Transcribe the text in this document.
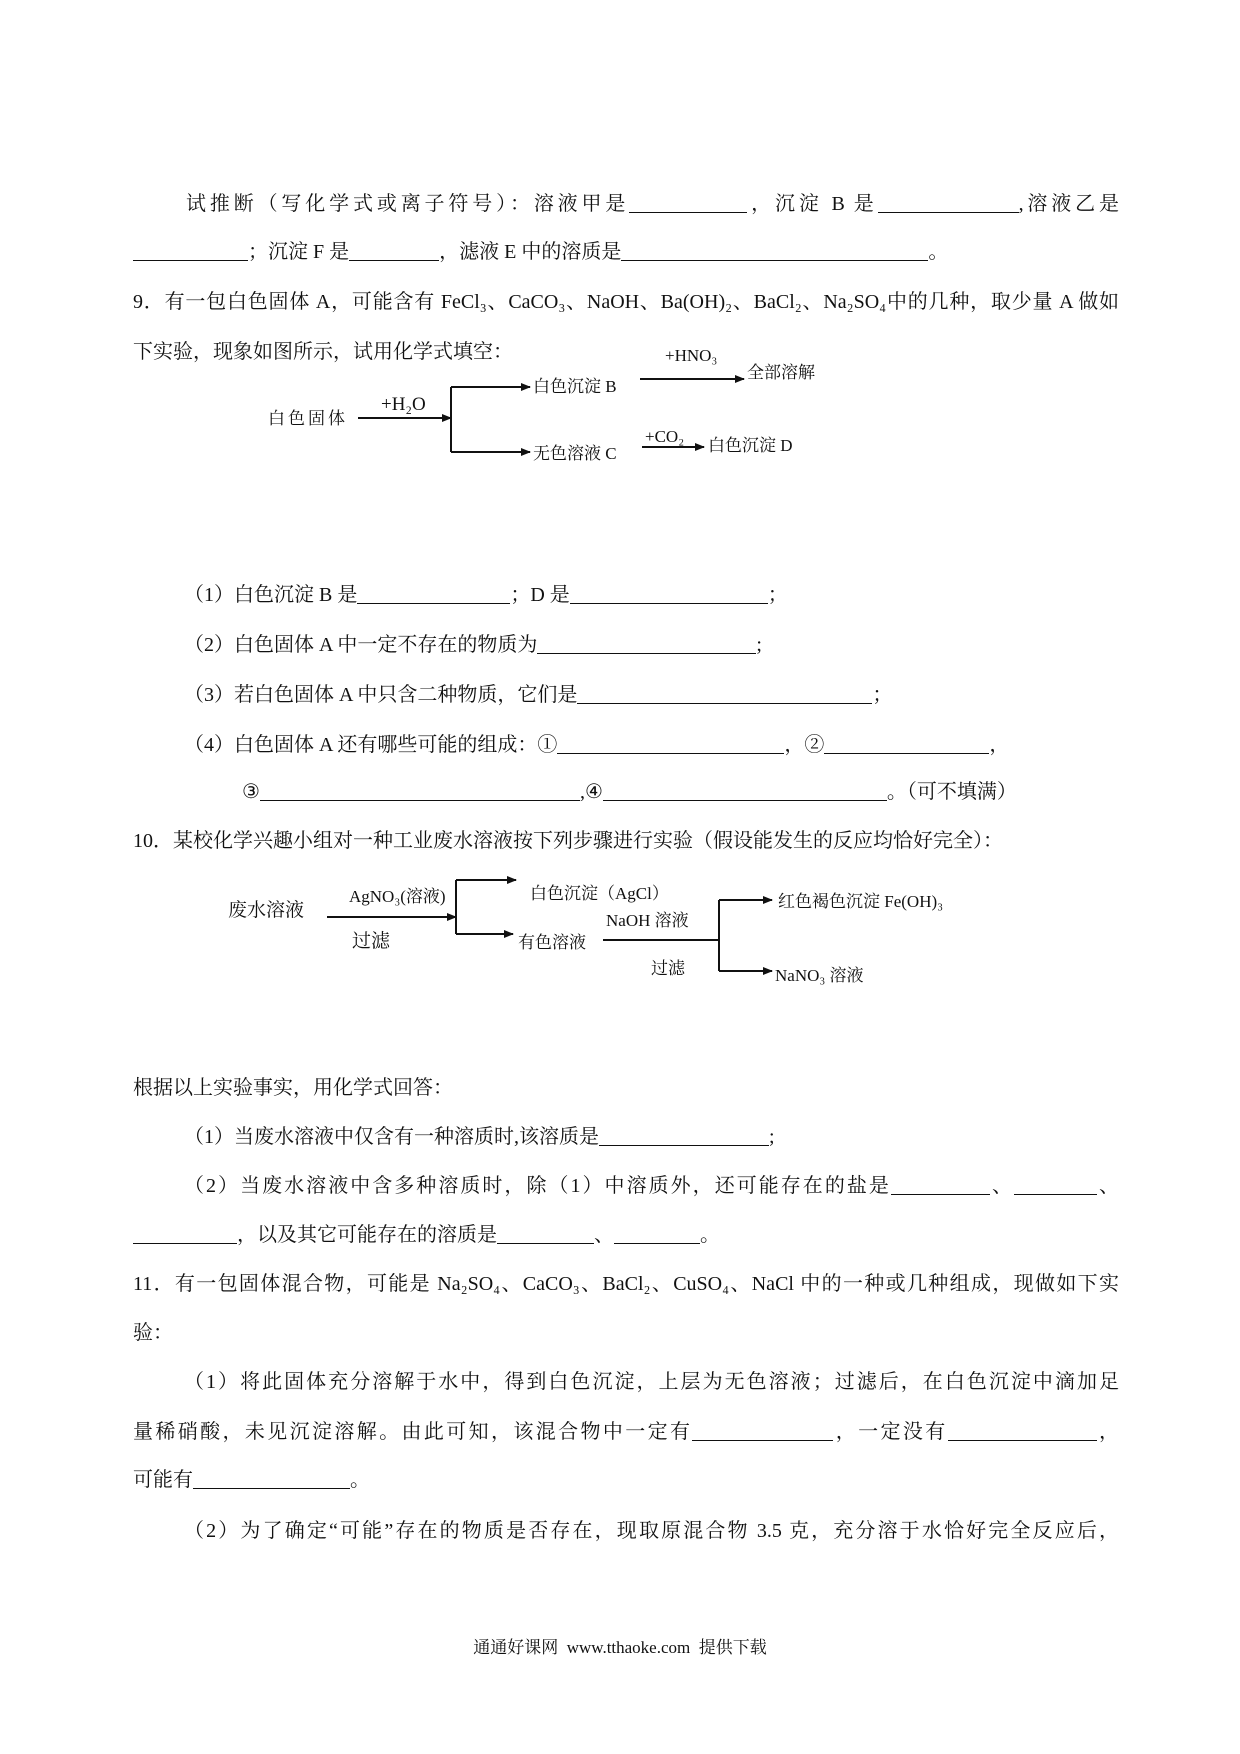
试推断（写化学式或离子符号）：溶液甲是	，沉淀 B 是	,溶液乙是
；沉淀 F 是	，滤液 E 中的溶质是	。
9．有一包白色固体 A，可能含有 FeCl₃、CaCO₃、NaOH、Ba(OH)₂、BaCl₂、Na₂SO₄中的几种，取少量 A 做如
下实验，现象如图所示，试用化学式填空：
白色固体
+H₂O
白色沉淀 B
+HNO₃
全部溶解
无色溶液 C
+CO₂ 白色沉淀 D
（1）白色沉淀 B 是	；D 是	；
（2）白色固体 A 中一定不存在的物质为	;
（3）若白色固体 A 中只含二种物质，它们是	；
（4）白色固体 A 还有哪些可能的组成：①	，②	，
③	,④	。（可不填满）
10．某校化学兴趣小组对一种工业废水溶液按下列步骤进行实验（假设能发生的反应均恰好完全）：
废水溶液
AgNO₃(溶液)
过滤
白色沉淀（AgCl）
有色溶液
NaOH 溶液
过滤
红色褐色沉淀 Fe(OH)₃
NaNO₃ 溶液
根据以上实验事实，用化学式回答：
（1）当废水溶液中仅含有一种溶质时,该溶质是	;
（2）当废水溶液中含多种溶质时，除（1）中溶质外，还可能存在的盐是	、	、
，以及其它可能存在的溶质是	、	。
11．有一包固体混合物，可能是 Na₂SO₄、CaCO₃、BaCl₂、CuSO₄、NaCl 中的一种或几种组成，现做如下实
验：
（1）将此固体充分溶解于水中，得到白色沉淀，上层为无色溶液；过滤后，在白色沉淀中滴加足
量稀硝酸，未见沉淀溶解。由此可知，该混合物中一定有	，一定没有	，
可能有	。
（2）为了确定“可能”存在的物质是否存在，现取原混合物 3.5 克，充分溶于水恰好完全反应后，
通通好课网  www.tthaoke.com  提供下载
